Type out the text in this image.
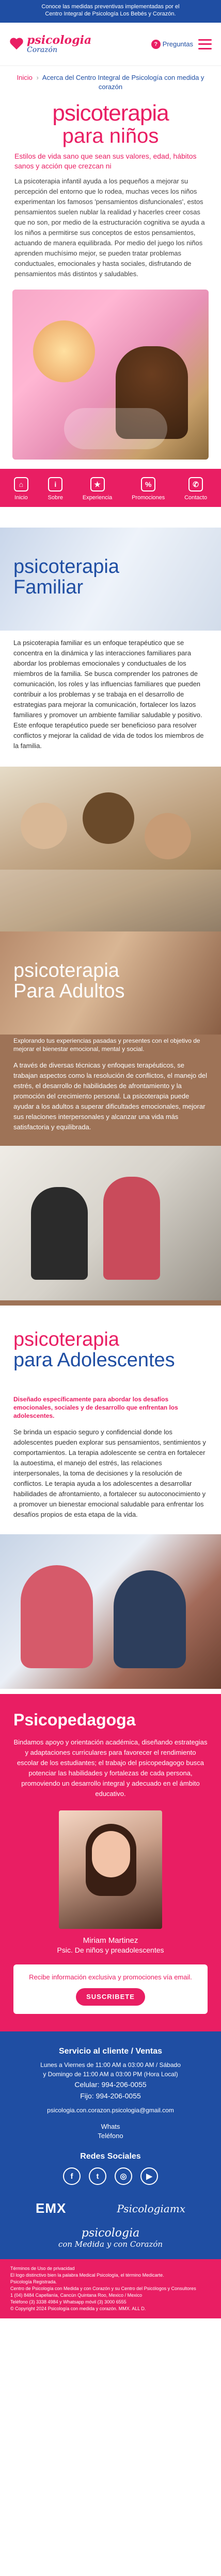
Conoce las medidas preventivas implementadas por el
Centro Integral de Psicología Los Bebés y Corazón.
psicologia
Corazón
? Preguntas
Inicio › Acerca del Centro Integral de Psicología con medida y corazón
psicoterapia
para niños

Estilos de vida sano que sean sus valores, edad, hábitos sanos y acción que crezcan ni

La psicoterapia infantil ayuda a los pequeños a mejorar su percepción del entorno que lo rodea, muchas veces los niños experimentan los famosos 'pensamientos disfuncionales', estos pensamientos suelen nublar la realidad y hacerles creer cosas que no son, por medio de la estructuración cognitiva se ayuda a los niños a permitirse sus conceptos de estos pensamientos, actuando de manera equilibrada. Por medio del juego los niños aprenden muchísimo mejor, se pueden tratar problemas conductuales, emocionales y hasta sociales, disfrutando de pensamientos más distintos y saludables.

⌂
Inicio
i
Sobre
★
Experiencia
%
Promociones
✆
Contacto
psicoterapia
Familiar

La psicoterapia familiar es un enfoque terapéutico que se concentra en la dinámica y las interacciones familiares para abordar los problemas emocionales y conductuales de los miembros de la familia. Se busca comprender los patrones de comunicación, los roles y las influencias familiares que pueden contribuir a los problemas y se trabaja en el desarrollo de estrategias para mejorar la comunicación, fortalecer los lazos familiares y promover un ambiente familiar saludable y positivo. Este enfoque terapéutico puede ser beneficioso para resolver conflictos y mejorar la calidad de vida de todos los miembros de la familia.

psicoterapia
Para Adultos

Explorando tus experiencias pasadas y presentes con el objetivo de mejorar el bienestar emocional, mental y social.

A través de diversas técnicas y enfoques terapéuticos, se trabajan aspectos como la resolución de conflictos, el manejo del estrés, el desarrollo de habilidades de afrontamiento y la promoción del crecimiento personal. La psicoterapia puede ayudar a los adultos a superar dificultades emocionales, mejorar sus relaciones interpersonales y alcanzar una vida más satisfactoria y equilibrada.

psicoterapia
para Adolescentes

Diseñado específicamente para abordar los desafíos emocionales, sociales y de desarrollo que enfrentan los adolescentes.

Se brinda un espacio seguro y confidencial donde los adolescentes pueden explorar sus pensamientos, sentimientos y comportamientos. La terapia adolescente se centra en fortalecer la autoestima, el manejo del estrés, las relaciones interpersonales, la toma de decisiones y la resolución de conflictos. Le terapia ayuda a los adolescentes a desarrollar habilidades de afrontamiento, a fortalecer su autoconocimiento y a promover un bienestar emocional saludable para enfrentar los desafíos propios de esta etapa de la vida.

Psicopedagoga

Bindamos apoyo y orientación académica, diseñando estrategias y adaptaciones curriculares para favorecer el rendimiento escolar de los estudiantes; el trabajo del psicopedagogo busca potenciar las habilidades y fortalezas de cada persona, promoviendo un desarrollo integral y adecuado en el ámbito educativo.

Miriam Martinez
Psic. De niños y preadolescentes

Recibe información exclusiva y promociones vía email.

SUSCRIBETE
Servicio al cliente / Ventas
Lunes a Viernes de 11:00 AM a 03:00 AM / Sábado
y Domingo de 11:00 AM a 03:00 PM (Hora Local)
Celular: 994-206-0055
Fijo: 994-206-0055
psicologia.con.corazon.psicologia@gmail.com
Whats
Teléfono
Redes Sociales
f	t	◎	▶
EMX	Psicologiamx
psicologia
con Medida y con Corazón
Términos de Uso de privacidad
El logo distinctivo bien la palabra Medical Psicología, el término Medicarte.
Psicología Registrada.
Centro de Psicología con Medida y con Corazón y su Centro del Psicólogos y Consultores
1 (04) 8484 Capellanía, Cancún Quintana Roo, Mexico / Mexico
Teléfono (3) 3338 4984 y Whatsapp móvil (3) 3000 6555
© Copyright 2024 Psicología con medida y corazón. MMX. ALL D.
